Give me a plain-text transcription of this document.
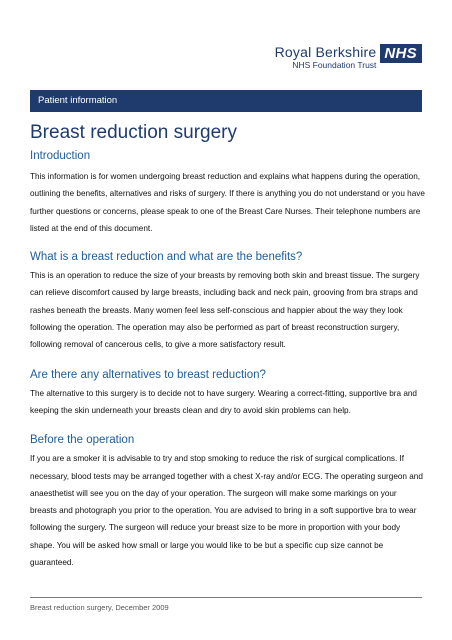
Royal Berkshire
NHS Foundation Trust
NHS
Patient information
Breast reduction surgery
Introduction

This information is for women undergoing breast reduction and explains what happens during the operation, outlining the benefits, alternatives and risks of surgery. If there is anything you do not understand or you have further questions or concerns, please speak to one of the Breast Care Nurses. Their telephone numbers are listed at the end of this document.

What is a breast reduction and what are the benefits?

This is an operation to reduce the size of your breasts by removing both skin and breast tissue. The surgery can relieve discomfort caused by large breasts, including back and neck pain, grooving from bra straps and rashes beneath the breasts. Many women feel less self-conscious and happier about the way they look following the operation. The operation may also be performed as part of breast reconstruction surgery, following removal of cancerous cells, to give a more satisfactory result.

Are there any alternatives to breast reduction?

The alternative to this surgery is to decide not to have surgery. Wearing a correct-fitting, supportive bra and keeping the skin underneath your breasts clean and dry to avoid skin problems can help.

Before the operation

If you are a smoker it is advisable to try and stop smoking to reduce the risk of surgical complications. If necessary, blood tests may be arranged together with a chest X-ray and/or ECG. The operating surgeon and anaesthetist will see you on the day of your operation. The surgeon will make some markings on your breasts and photograph you prior to the operation. You are advised to bring in a soft supportive bra to wear following the surgery. The surgeon will reduce your breast size to be more in proportion with your body shape. You will be asked how small or large you would like to be but a specific cup size cannot be guaranteed.

Breast reduction surgery, December 2009
